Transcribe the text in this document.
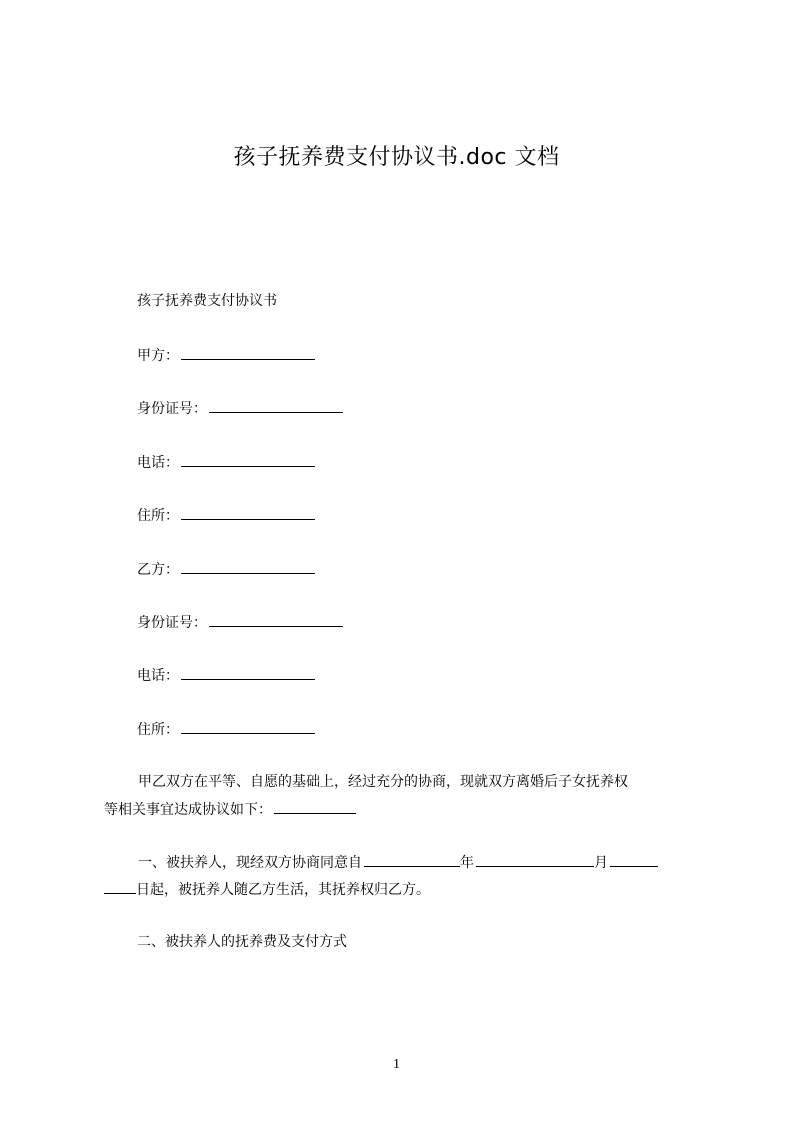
孩子抚养费支付协议书.doc 文档
孩子抚养费支付协议书
甲方：
身份证号：
电话：
住所：
乙方：
身份证号：
电话：
住所：
甲乙双方在平等、自愿的基础上，经过充分的协商，现就双方离婚后子女抚养权
等相关事宜达成协议如下：
一、被扶养人，现经双方协商同意自	年	月
日起，被抚养人随乙方生活，其抚养权归乙方。
二、被扶养人的抚养费及支付方式
1
